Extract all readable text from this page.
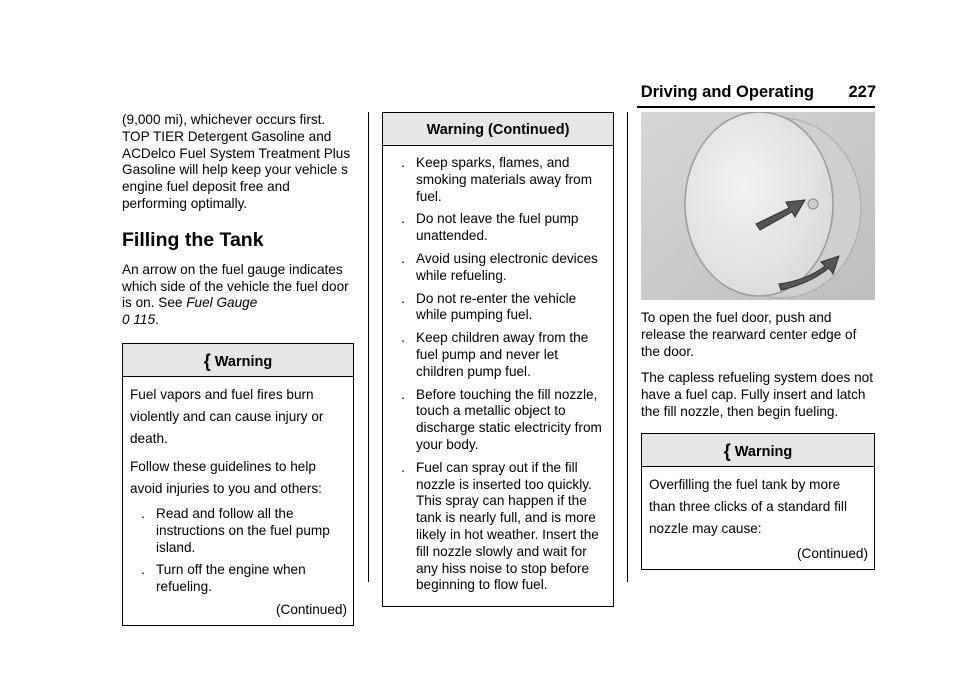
Driving and Operating 227

(9,000 mi), whichever occurs first. TOP TIER Detergent Gasoline and ACDelco Fuel System Treatment Plus Gasoline will help keep your vehicle s engine fuel deposit free and performing optimally.

Filling the Tank

An arrow on the fuel gauge indicates which side of the vehicle the fuel door is on. See Fuel Gauge
0 115.

{ Warning

Fuel vapors and fuel fires burn violently and can cause injury or death.

Follow these guidelines to help avoid injuries to you and others:

. Read and follow all the instructions on the fuel pump island.
. Turn off the engine when refueling.
(Continued)
Warning (Continued)
. Keep sparks, flames, and smoking materials away from fuel.
. Do not leave the fuel pump unattended.
. Avoid using electronic devices while refueling.
. Do not re-enter the vehicle while pumping fuel.
. Keep children away from the fuel pump and never let children pump fuel.
. Before touching the fill nozzle, touch a metallic object to discharge static electricity from your body.
. Fuel can spray out if the fill nozzle is inserted too quickly. This spray can happen if the tank is nearly full, and is more likely in hot weather. Insert the fill nozzle slowly and wait for any hiss noise to stop before beginning to flow fuel.

To open the fuel door, push and release the rearward center edge of the door.

The capless refueling system does not have a fuel cap. Fully insert and latch the fill nozzle, then begin fueling.

{ Warning

Overfilling the fuel tank by more than three clicks of a standard fill nozzle may cause:

(Continued)
